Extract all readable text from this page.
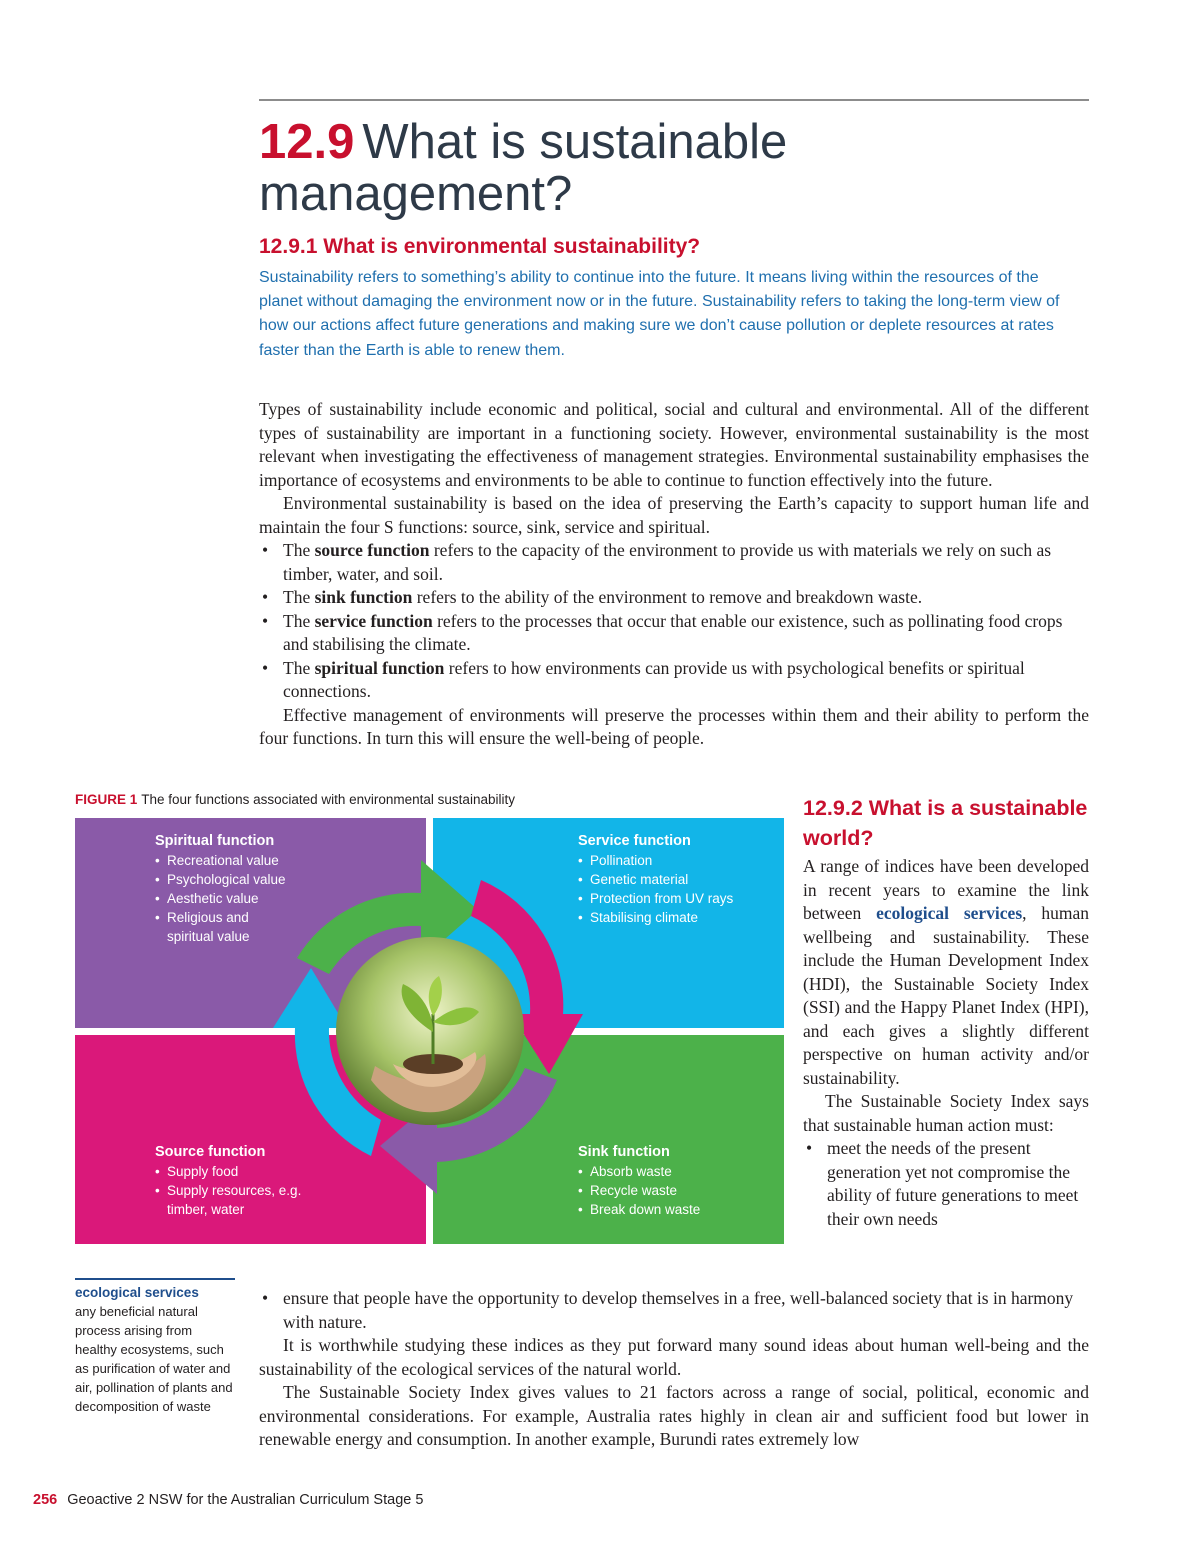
12.9 What is sustainable management?
12.9.1 What is environmental sustainability?

Sustainability refers to something’s ability to continue into the future. It means living within the resources of the planet without damaging the environment now or in the future. Sustainability refers to taking the long-term view of how our actions affect future generations and making sure we don’t cause pollution or deplete resources at rates faster than the Earth is able to renew them.

Types of sustainability include economic and political, social and cultural and environmental. All of the different types of sustainability are important in a functioning society. However, environmental sustainability is the most relevant when investigating the effectiveness of management strategies. Environmental sustainability emphasises the importance of ecosystems and environments to be able to continue to function effectively into the future.

Environmental sustainability is based on the idea of preserving the Earth’s capacity to support human life and maintain the four S functions: source, sink, service and spiritual.

• The source function refers to the capacity of the environment to provide us with materials we rely on such as timber, water, and soil.
• The sink function refers to the ability of the environment to remove and breakdown waste.
• The service function refers to the processes that occur that enable our existence, such as pollinating food crops and stabilising the climate.
• The spiritual function refers to how environments can provide us with psychological benefits or spiritual connections.

Effective management of environments will preserve the processes within them and their ability to perform the four functions. In turn this will ensure the well-being of people.

FIGURE 1 The four functions associated with environmental sustainability
Spiritual function
• Recreational value
• Psychological value
• Aesthetic value
• Religious and spiritual value
Service function
• Pollination
• Genetic material
• Protection from UV rays
• Stabilising climate
Source function
• Supply food
• Supply resources, e.g. timber, water
Sink function
• Absorb waste
• Recycle waste
• Break down waste
12.9.2 What is a sustainable world?

A range of indices have been developed in recent years to examine the link between ecological services, human wellbeing and sustainability. These include the Human Development Index (HDI), the Sustainable Society Index (SSI) and the Happy Planet Index (HPI), and each gives a slightly different perspective on human activity and/or sustainability.

The Sustainable Society Index says that sustainable human action must:

• meet the needs of the present generation yet not compromise the ability of future generations to meet their own needs
• ensure that people have the opportunity to develop themselves in a free, well-balanced society that is in harmony with nature.

It is worthwhile studying these indices as they put forward many sound ideas about human well-being and the sustainability of the ecological services of the natural world.

The Sustainable Society Index gives values to 21 factors across a range of social, political, economic and environmental considerations. For example, Australia rates highly in clean air and sufficient food but lower in renewable energy and consumption. In another example, Burundi rates extremely low

ecological services
any beneficial natural process arising from healthy ecosystems, such as purification of water and air, pollination of plants and decomposition of waste
256 Geoactive 2 NSW for the Australian Curriculum Stage 5
